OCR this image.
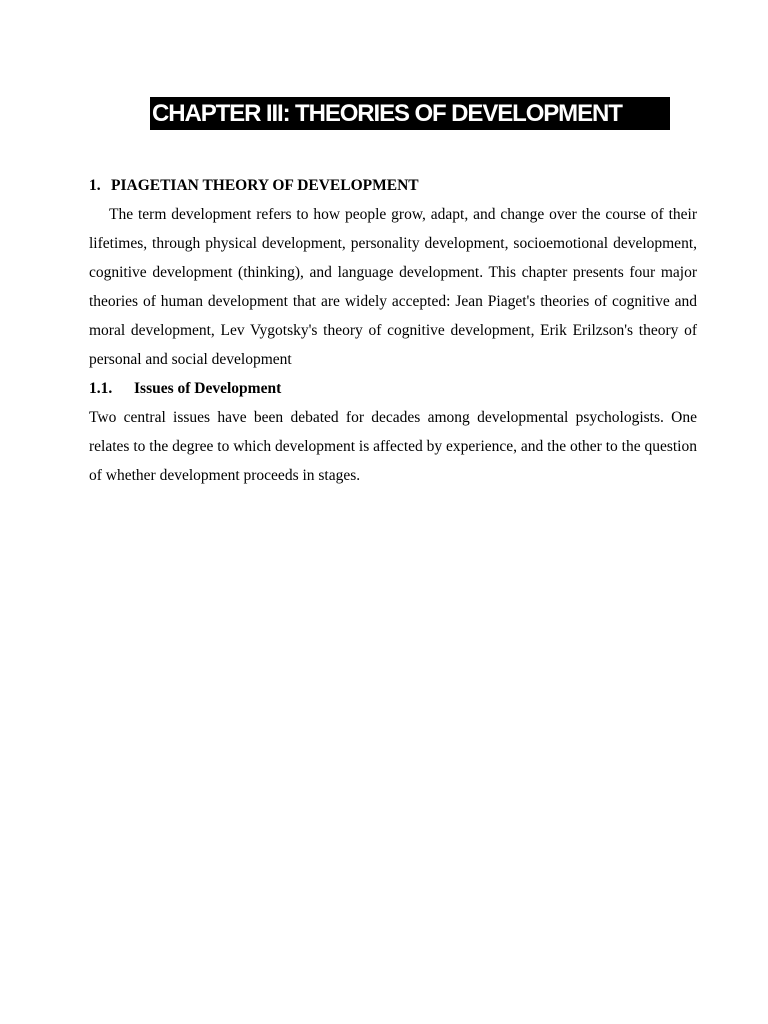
CHAPTER III: THEORIES OF DEVELOPMENT
1. PIAGETIAN THEORY OF DEVELOPMENT
The term development refers to how people grow, adapt, and change over the course of their lifetimes, through physical development, personality development, socioemotional development, cognitive development (thinking), and language development. This chapter presents four major theories of human development that are widely accepted: Jean Piaget's theories of cognitive and moral development, Lev Vygotsky's theory of cognitive development, Erik Erilzson's theory of personal and social development
1.1. Issues of Development
Two central issues have been debated for decades among developmental psychologists. One relates to the degree to which development is affected by experience, and the other to the question of whether development proceeds in stages.
